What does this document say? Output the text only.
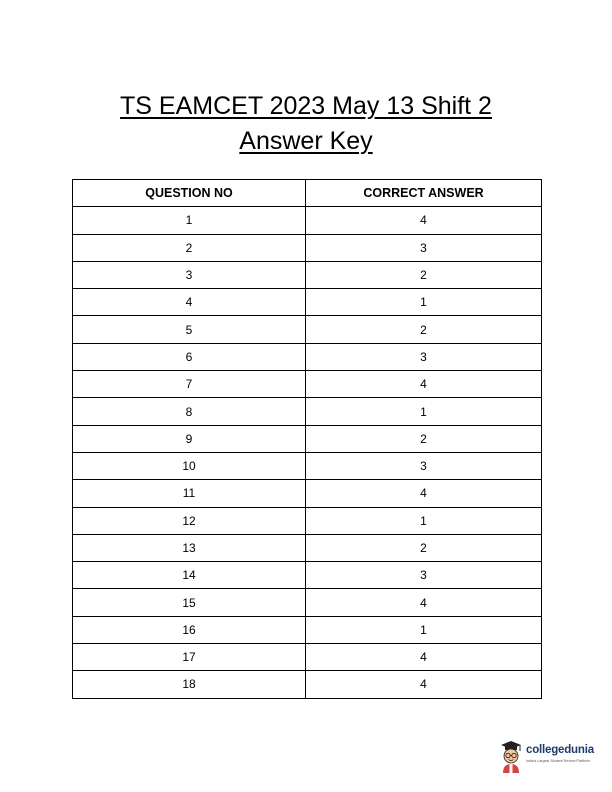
TS EAMCET 2023 May 13 Shift 2
Answer Key
QUESTION NO	CORRECT ANSWER
1	4
2	3
3	2
4	1
5	2
6	3
7	4
8	1
9	2
10	3
11	4
12	1
13	2
14	3
15	4
16	1
17	4
18	4
collegedunia
India's Largest Student Review Platform
